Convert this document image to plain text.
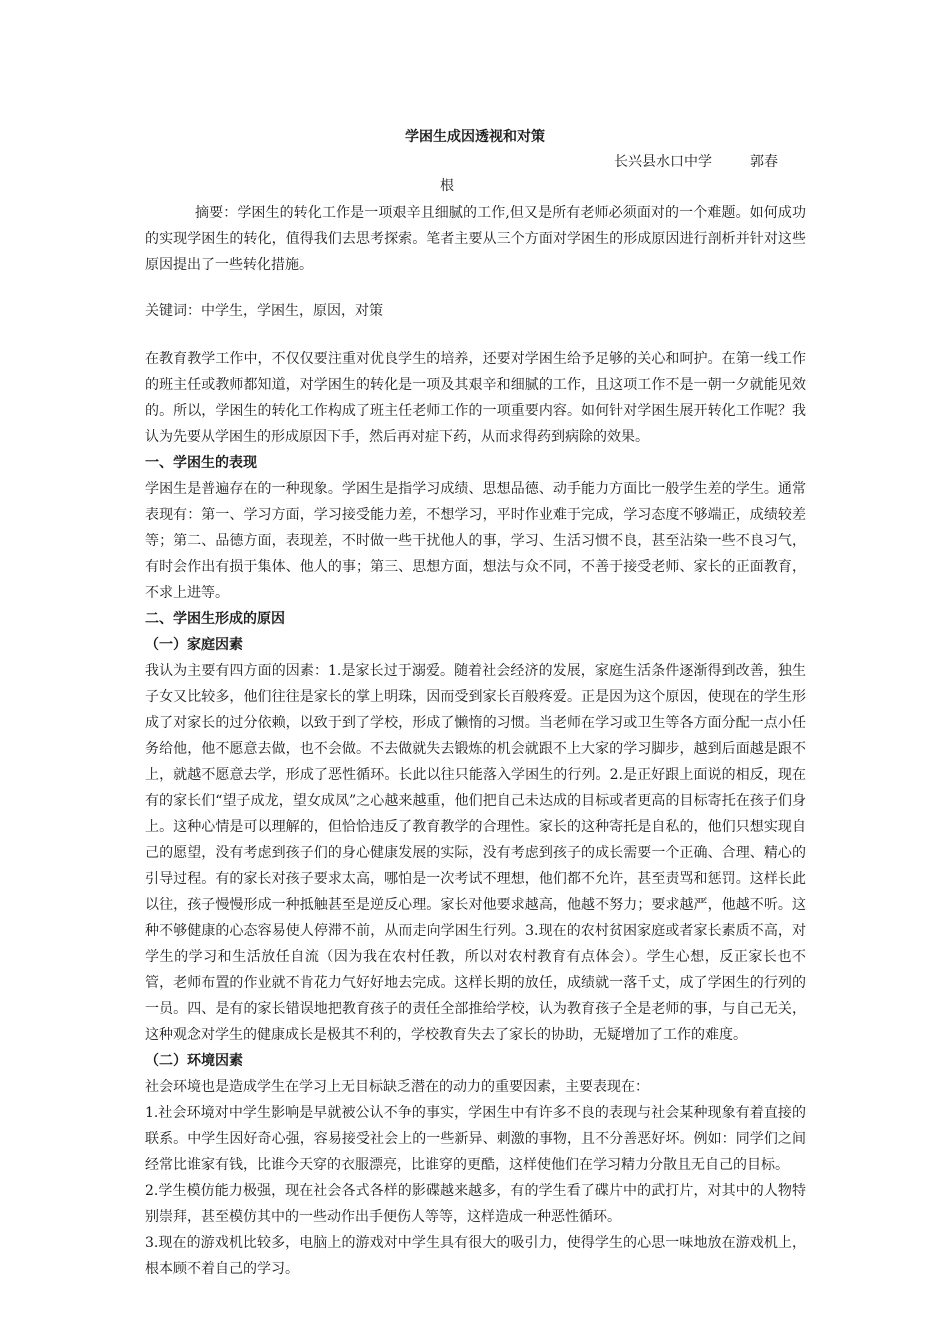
学困生成因透视和对策
长兴县水口中学	郭春
根

摘要：学困生的转化工作是一项艰辛且细腻的工作,但又是所有老师必须面对的一个难题。如何成功的实现学困生的转化，值得我们去思考探索。笔者主要从三个方面对学困生的形成原因进行剖析并针对这些原因提出了一些转化措施。

关键词：中学生，学困生，原因，对策

在教育教学工作中，不仅仅要注重对优良学生的培养，还要对学困生给予足够的关心和呵护。在第一线工作的班主任或教师都知道，对学困生的转化是一项及其艰辛和细腻的工作，且这项工作不是一朝一夕就能见效的。所以，学困生的转化工作构成了班主任老师工作的一项重要内容。如何针对学困生展开转化工作呢？我认为先要从学困生的形成原因下手，然后再对症下药，从而求得药到病除的效果。

一、学困生的表现

学困生是普遍存在的一种现象。学困生是指学习成绩、思想品德、动手能力方面比一般学生差的学生。通常表现有：第一、学习方面，学习接受能力差，不想学习，平时作业难于完成，学习态度不够端正，成绩较差等；第二、品德方面，表现差，不时做一些干扰他人的事，学习、生活习惯不良，甚至沾染一些不良习气，有时会作出有损于集体、他人的事；第三、思想方面，想法与众不同，不善于接受老师、家长的正面教育，不求上进等。

二、学困生形成的原因

（一）家庭因素

我认为主要有四方面的因素：1.是家长过于溺爱。随着社会经济的发展，家庭生活条件逐渐得到改善，独生子女又比较多，他们往往是家长的掌上明珠，因而受到家长百般疼爱。正是因为这个原因，使现在的学生形成了对家长的过分依赖，以致于到了学校，形成了懒惰的习惯。当老师在学习或卫生等各方面分配一点小任务给他，他不愿意去做，也不会做。不去做就失去锻炼的机会就跟不上大家的学习脚步，越到后面越是跟不上，就越不愿意去学，形成了恶性循环。长此以往只能落入学困生的行列。2.是正好跟上面说的相反，现在有的家长们“望子成龙，望女成凤”之心越来越重，他们把自己未达成的目标或者更高的目标寄托在孩子们身上。这种心情是可以理解的，但恰恰违反了教育教学的合理性。家长的这种寄托是自私的，他们只想实现自己的愿望，没有考虑到孩子们的身心健康发展的实际，没有考虑到孩子的成长需要一个正确、合理、精心的引导过程。有的家长对孩子要求太高，哪怕是一次考试不理想，他们都不允许，甚至责骂和惩罚。这样长此以往，孩子慢慢形成一种抵触甚至是逆反心理。家长对他要求越高，他越不努力；要求越严，他越不听。这种不够健康的心态容易使人停滞不前，从而走向学困生行列。3.现在的农村贫困家庭或者家长素质不高，对学生的学习和生活放任自流（因为我在农村任教，所以对农村教育有点体会）。学生心想，反正家长也不管，老师布置的作业就不肯花力气好好地去完成。这样长期的放任，成绩就一落千丈，成了学困生的行列的一员。四、是有的家长错误地把教育孩子的责任全部推给学校，认为教育孩子全是老师的事，与自己无关，这种观念对学生的健康成长是极其不利的，学校教育失去了家长的协助，无疑增加了工作的难度。

（二）环境因素

社会环境也是造成学生在学习上无目标缺乏潜在的动力的重要因素，主要表现在：

1.社会环境对中学生影响是早就被公认不争的事实，学困生中有许多不良的表现与社会某种现象有着直接的联系。中学生因好奇心强，容易接受社会上的一些新异、刺激的事物，且不分善恶好坏。例如：同学们之间经常比谁家有钱，比谁今天穿的衣服漂亮，比谁穿的更酷，这样使他们在学习精力分散且无自己的目标。

2.学生模仿能力极强，现在社会各式各样的影碟越来越多，有的学生看了碟片中的武打片，对其中的人物特别崇拜，甚至模仿其中的一些动作出手便伤人等等，这样造成一种恶性循环。

3.现在的游戏机比较多，电脑上的游戏对中学生具有很大的吸引力，使得学生的心思一味地放在游戏机上，根本顾不着自己的学习。
